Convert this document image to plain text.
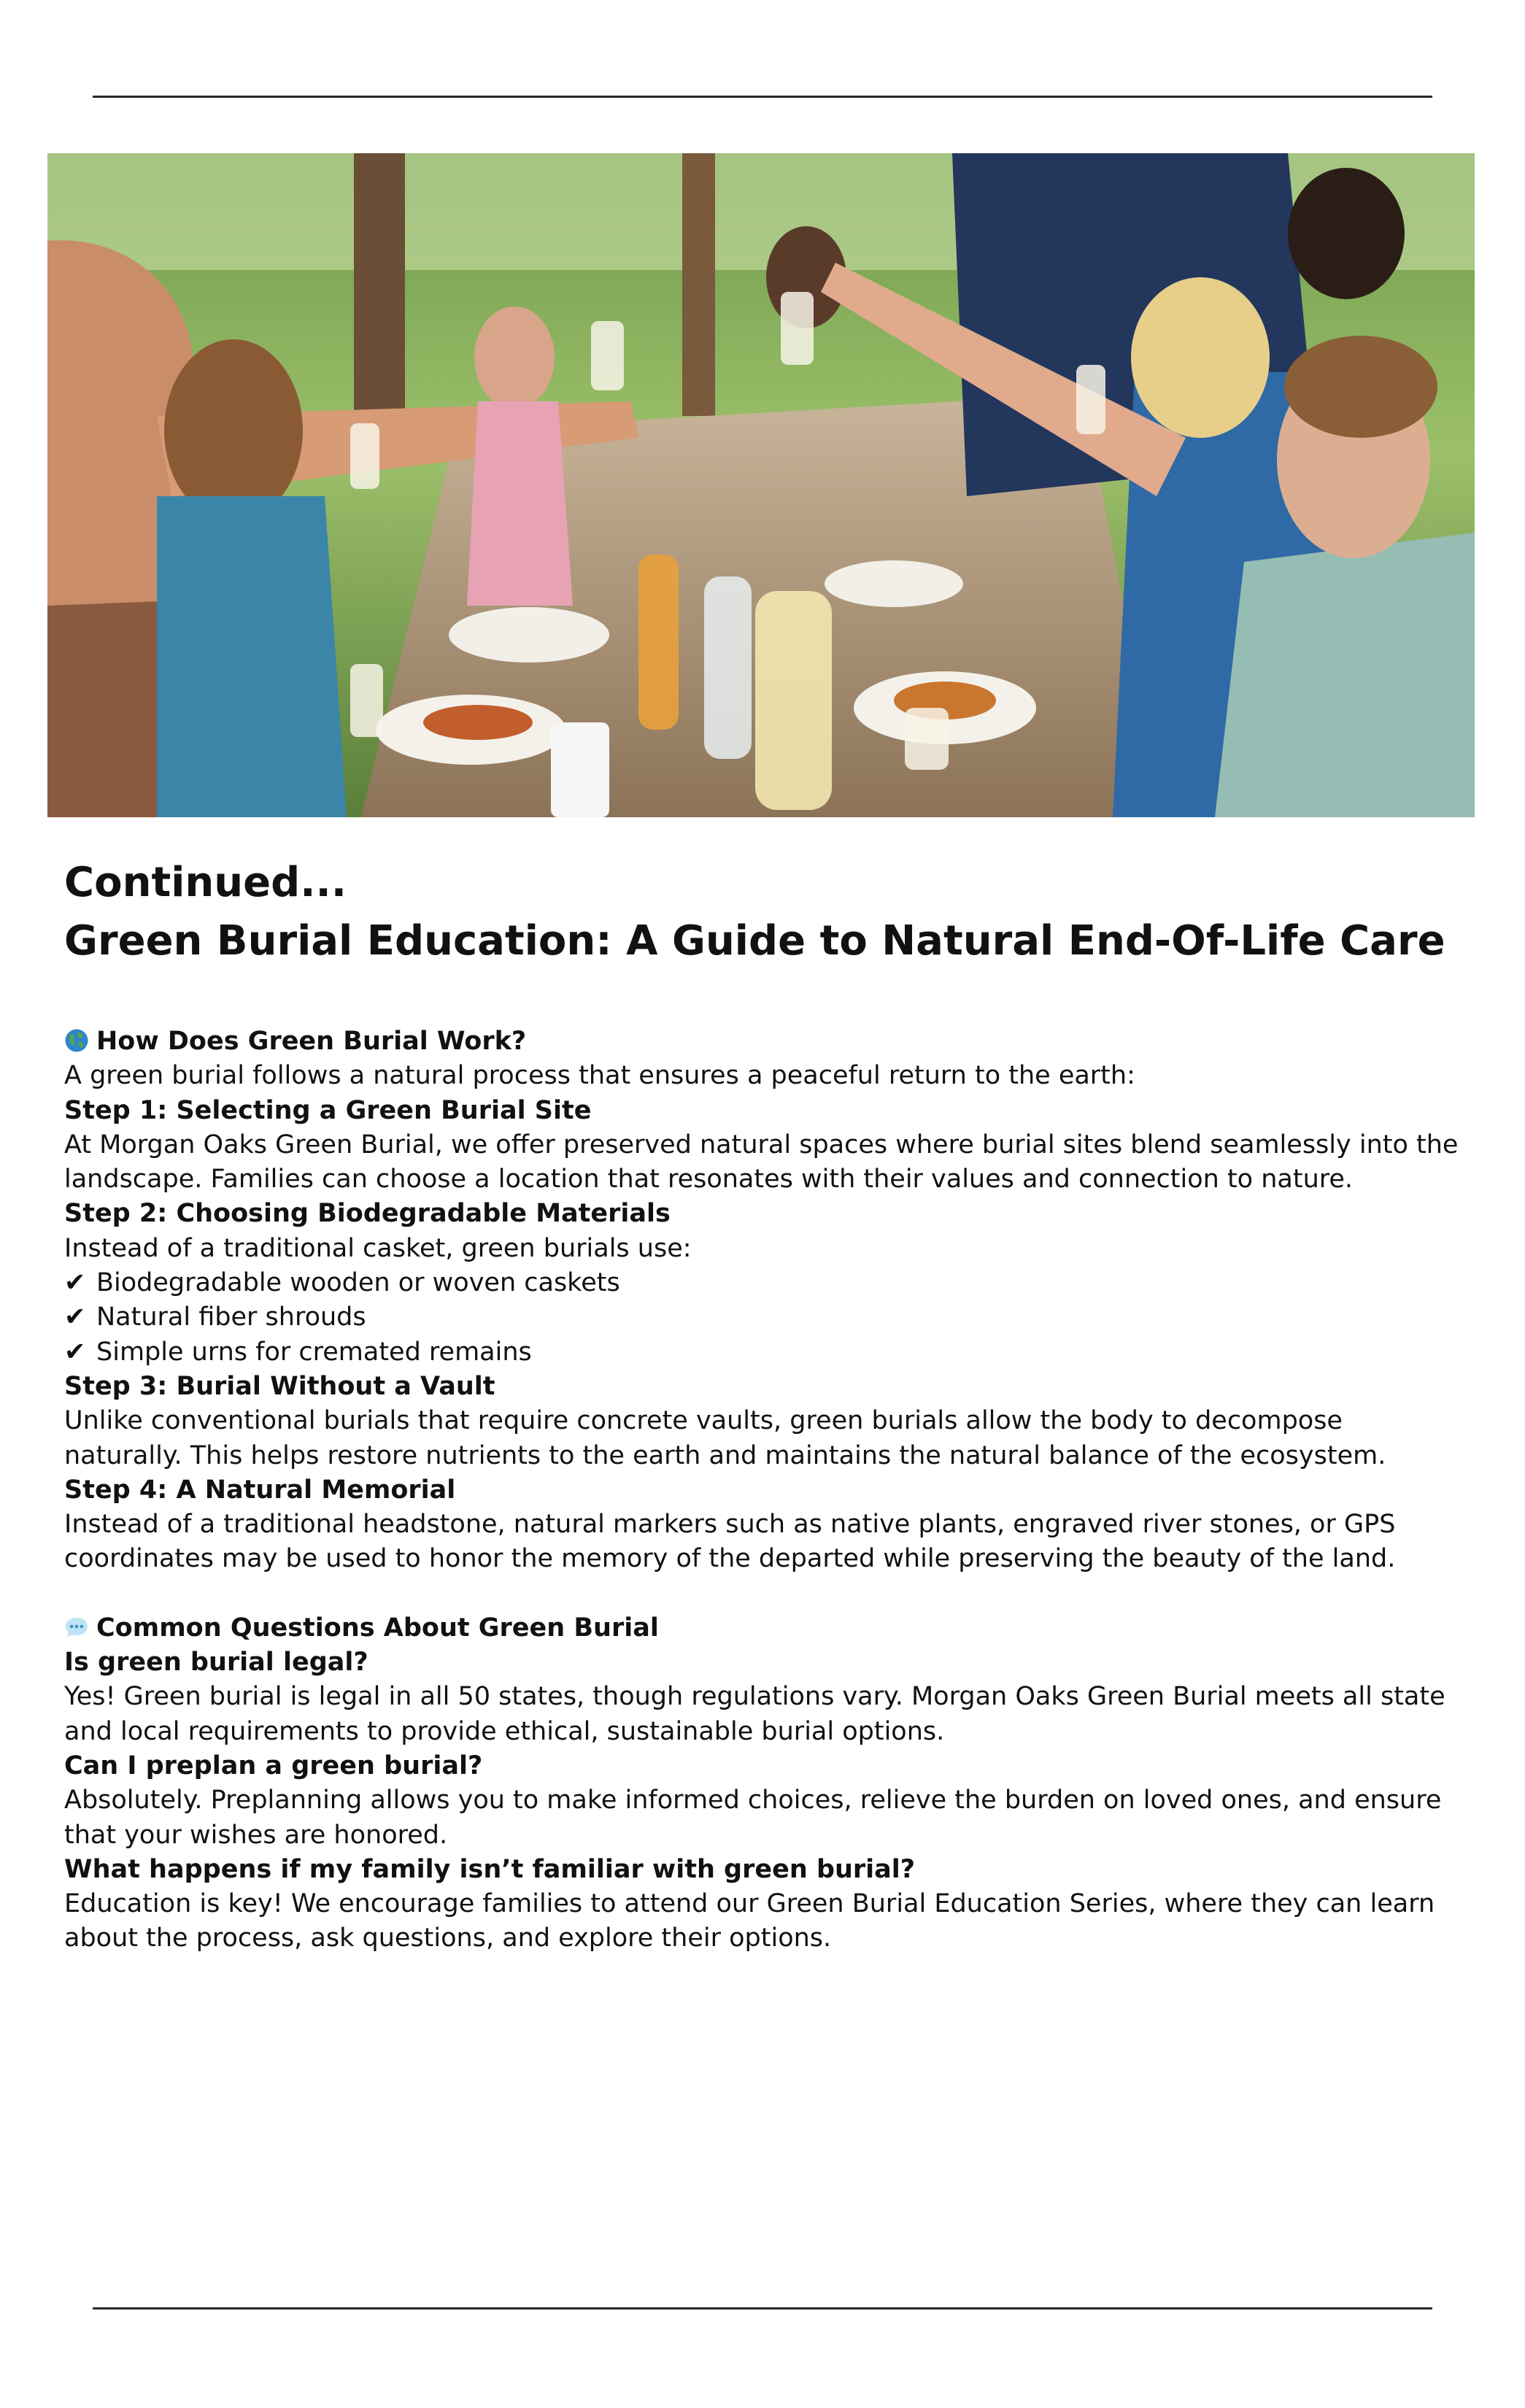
Continued...
Green Burial Education: A Guide to Natural End-Of-Life Care

How Does Green Burial Work?

A green burial follows a natural process that ensures a peaceful return to the earth:

Step 1: Selecting a Green Burial Site

At Morgan Oaks Green Burial, we offer preserved natural spaces where burial sites blend seamlessly into the

landscape. Families can choose a location that resonates with their values and connection to nature.

Step 2: Choosing Biodegradable Materials

Instead of a traditional casket, green burials use:

✔ Biodegradable wooden or woven caskets

✔ Natural fiber shrouds

✔ Simple urns for cremated remains

Step 3: Burial Without a Vault

Unlike conventional burials that require concrete vaults, green burials allow the body to decompose

naturally. This helps restore nutrients to the earth and maintains the natural balance of the ecosystem.

Step 4: A Natural Memorial

Instead of a traditional headstone, natural markers such as native plants, engraved river stones, or GPS

coordinates may be used to honor the memory of the departed while preserving the beauty of the land.

Common Questions About Green Burial

Is green burial legal?

Yes! Green burial is legal in all 50 states, though regulations vary. Morgan Oaks Green Burial meets all state

and local requirements to provide ethical, sustainable burial options.

Can I preplan a green burial?

Absolutely. Preplanning allows you to make informed choices, relieve the burden on loved ones, and ensure

that your wishes are honored.

What happens if my family isn’t familiar with green burial?

Education is key! We encourage families to attend our Green Burial Education Series, where they can learn

about the process, ask questions, and explore their options.
